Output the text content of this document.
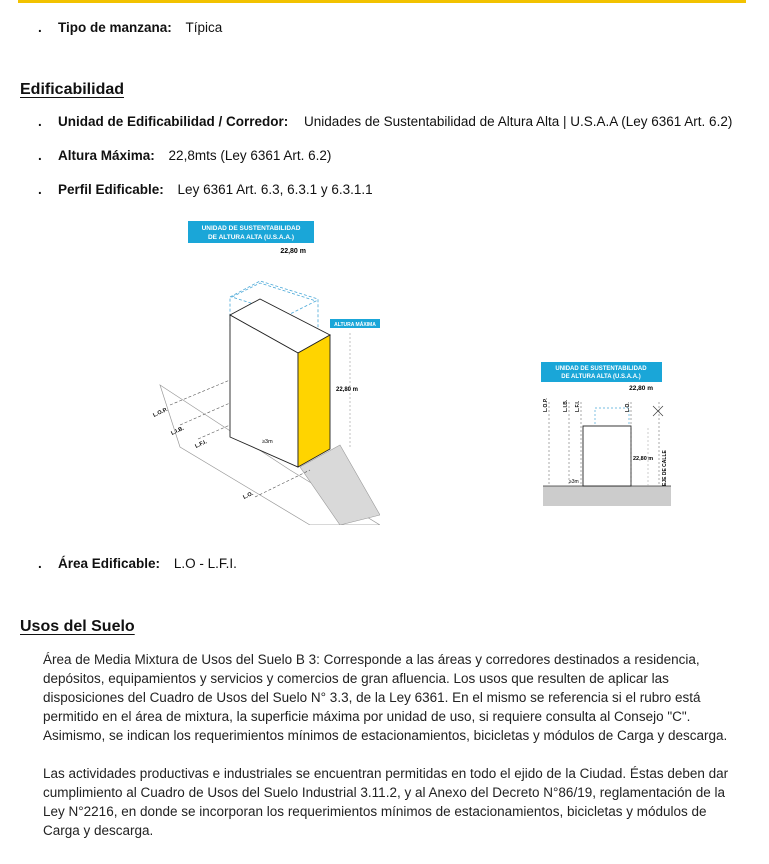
. Tipo de manzana: Típica
Edificabilidad
. Unidad de Edificabilidad / Corredor: Unidades de Sustentabilidad de Altura Alta | U.S.A.A (Ley 6361 Art. 6.2)
. Altura Máxima: 22,8mts (Ley 6361 Art. 6.2)
. Perfil Edificable: Ley 6361 Art. 6.3, 6.3.1 y 6.3.1.1
UNIDAD DE SUSTENTABILIDAD
DE ALTURA ALTA (U.S.A.A.)
22,80 m
ALTURA MÁXIMA
22,80 m
≥3m
L.O.P.
L.I.B.
L.F.I.
L.O.
UNIDAD DE SUSTENTABILIDAD
DE ALTURA ALTA (U.S.A.A.)
22,80 m
L.O.P.	L.I.B. L.F.I.	L.O.
EJE DE CALLE
22,80 m
≥3m
. Área Edificable: L.O - L.F.I.
Usos del Suelo
Área de Media Mixtura de Usos del Suelo B 3: Corresponde a las áreas y corredores destinados a residencia, depósitos, equipamientos y servicios y comercios de gran afluencia. Los usos que resulten de aplicar las disposiciones del Cuadro de Usos del Suelo N° 3.3, de la Ley 6361. En el mismo se referencia si el rubro está permitido en el área de mixtura, la superficie máxima por unidad de uso, si requiere consulta al Consejo "C". Asimismo, se indican los requerimientos mínimos de estacionamientos, bicicletas y módulos de Carga y descarga.
Las actividades productivas e industriales se encuentran permitidas en todo el ejido de la Ciudad. Éstas deben dar cumplimiento al Cuadro de Usos del Suelo Industrial 3.11.2, y al Anexo del Decreto N°86/19, reglamentación de la Ley N°2216, en donde se incorporan los requerimientos mínimos de estacionamientos, bicicletas y módulos de Carga y descarga.
